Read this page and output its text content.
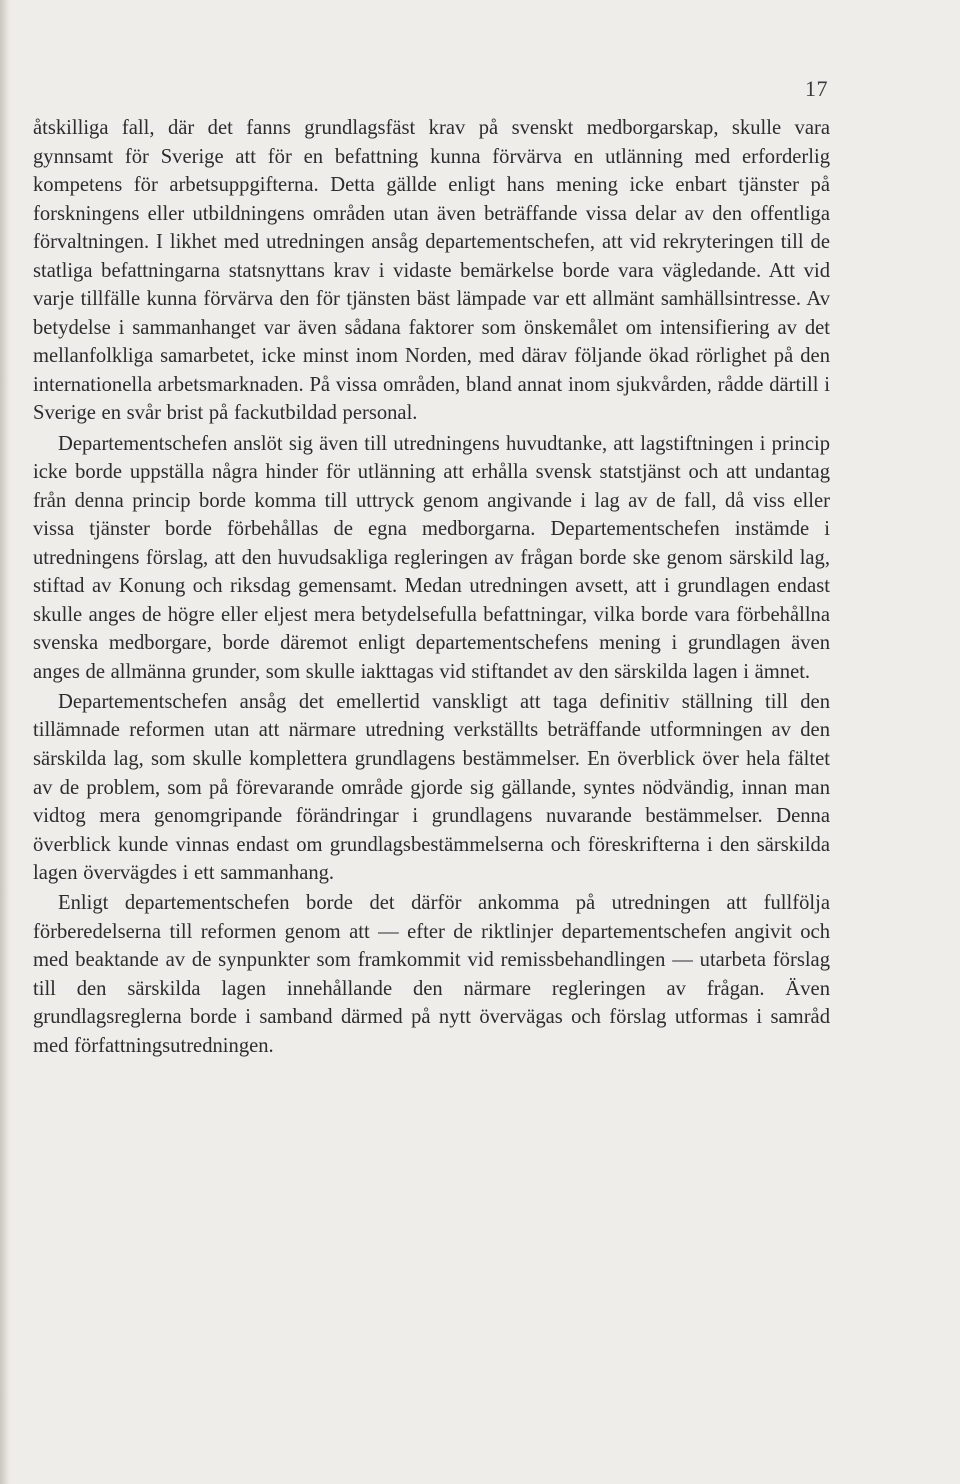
17

åtskilliga fall, där det fanns grundlagsfäst krav på svenskt medborgarskap, skulle vara gynnsamt för Sverige att för en befattning kunna förvärva en utlänning med erforderlig kompetens för arbetsuppgifterna. Detta gällde enligt hans mening icke enbart tjänster på forskningens eller utbildningens områden utan även beträffande vissa delar av den offentliga förvaltningen. I likhet med utredningen ansåg departementschefen, att vid rekryteringen till de statliga befattningarna statsnyttans krav i vidaste bemärkelse borde vara vägledande. Att vid varje tillfälle kunna förvärva den för tjänsten bäst lämpade var ett allmänt samhällsintresse. Av betydelse i sammanhanget var även sådana faktorer som önskemålet om intensifiering av det mellanfolkliga samarbetet, icke minst inom Norden, med därav följande ökad rörlighet på den internationella arbetsmarknaden. På vissa områden, bland annat inom sjukvården, rådde därtill i Sverige en svår brist på fackutbildad personal.

Departementschefen anslöt sig även till utredningens huvudtanke, att lagstiftningen i princip icke borde uppställa några hinder för utlänning att erhålla svensk statstjänst och att undantag från denna princip borde komma till uttryck genom angivande i lag av de fall, då viss eller vissa tjänster borde förbehållas de egna medborgarna. Departementschefen instämde i utredningens förslag, att den huvudsakliga regleringen av frågan borde ske genom särskild lag, stiftad av Konung och riksdag gemensamt. Medan utredningen avsett, att i grundlagen endast skulle anges de högre eller eljest mera betydelsefulla befattningar, vilka borde vara förbehållna svenska medborgare, borde däremot enligt departementschefens mening i grundlagen även anges de allmänna grunder, som skulle iakttagas vid stiftandet av den särskilda lagen i ämnet.

Departementschefen ansåg det emellertid vanskligt att taga definitiv ställning till den tillämnade reformen utan att närmare utredning verkställts beträffande utformningen av den särskilda lag, som skulle komplettera grundlagens bestämmelser. En överblick över hela fältet av de problem, som på förevarande område gjorde sig gällande, syntes nödvändig, innan man vidtog mera genomgripande förändringar i grundlagens nuvarande bestämmelser. Denna överblick kunde vinnas endast om grundlagsbestämmelserna och föreskrifterna i den särskilda lagen övervägdes i ett sammanhang.

Enligt departementschefen borde det därför ankomma på utredningen att fullfölja förberedelserna till reformen genom att — efter de riktlinjer departementschefen angivit och med beaktande av de synpunkter som framkommit vid remissbehandlingen — utarbeta förslag till den särskilda lagen innehållande den närmare regleringen av frågan. Även grundlagsreglerna borde i samband därmed på nytt övervägas och förslag utformas i samråd med författningsutredningen.
